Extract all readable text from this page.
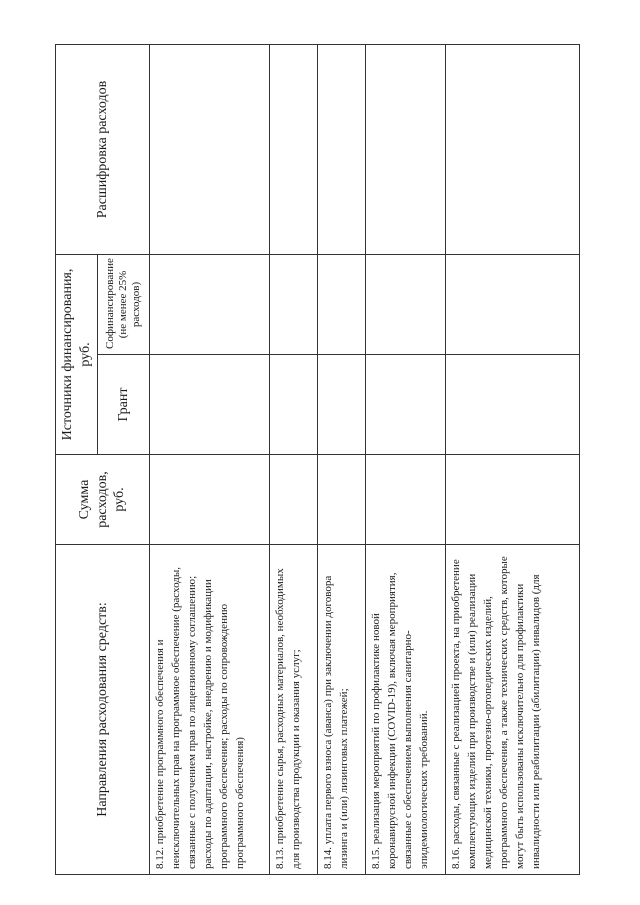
Направления расходования средств:	Сумма расходов, руб.	Источники финансирования, руб.		Расшифровка расходов
		Грант	Софинансирование (не менее 25% расходов)	
8.12. приобретение программного обеспечения и неисключительных прав на программное обеспечение (расходы, связанные с получением прав по лицензионному соглашению; расходы по адаптации, настройке, внедрению и модификации программного обеспечения; расходы по сопровождению программного обеспечения)				
8.13. приобретение сырья, расходных материалов, необходимых для производства продукции и оказания услуг;				
8.14. уплата первого взноса (аванса) при заключении договора лизинга и (или) лизинговых платежей;				
8.15. реализация мероприятий по профилактике новой коронавирусной инфекции (COVID-19), включая мероприятия, связанные с обеспечением выполнения санитарно-эпидемиологических требований.				
8.16. расходы, связанные с реализацией проекта, на приобретение комплектующих изделий при производстве и (или) реализации медицинской техники, протезно-ортопедических изделий, программного обеспечения, а также технических средств, которые могут быть использованы исключительно для профилактики инвалидности или реабилитации (абилитации) инвалидов (для				
